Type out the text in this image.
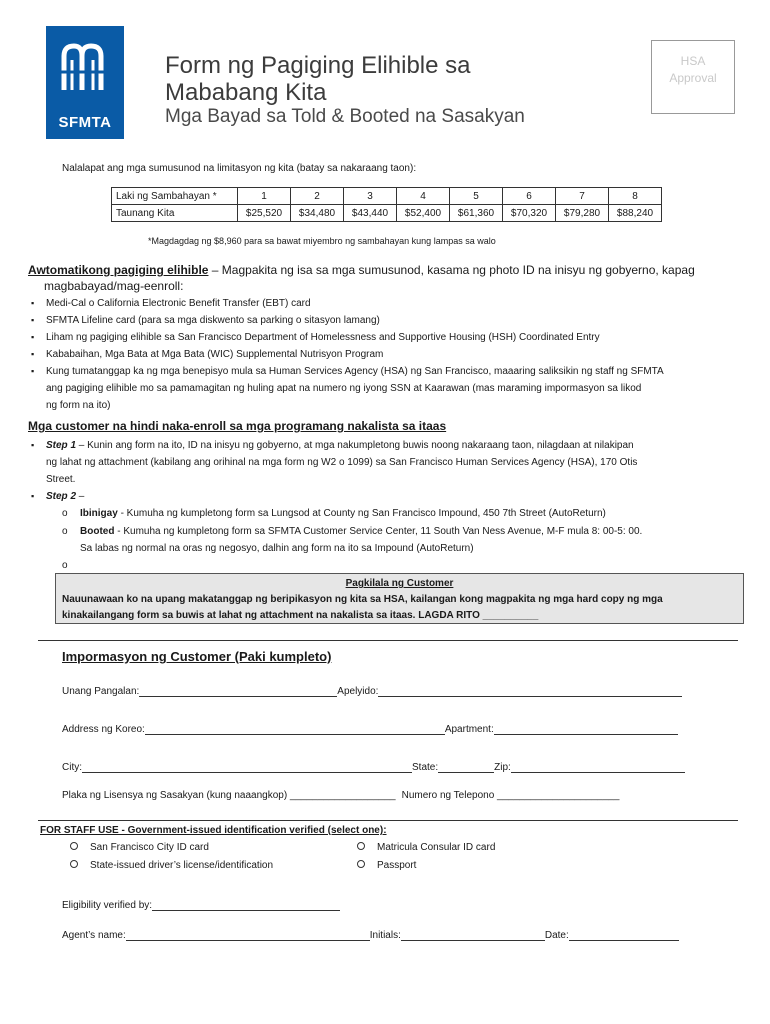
SFMTA
Form ng Pagiging Elihible sa
Mababang Kita
Mga Bayad sa Told & Booted na Sasakyan
HSA
Approval
Nalalapat ang mga sumusunod na limitasyon ng kita (batay sa nakaraang taon):
Laki ng Sambahayan *	1	2	3	4	5	6	7	8
Taunang Kita	$25,520	$34,480	$43,440	$52,400	$61,360	$70,320	$79,280	$88,240
*Magdagdag ng $8,960 para sa bawat miyembro ng sambahayan kung lampas sa walo
Awtomatikong pagiging elihible – Magpakita ng isa sa mga sumusunod, kasama ng photo ID na inisyu ng gobyerno, kapag
magbabayad/mag-eenroll:
▪ Medi-Cal o California Electronic Benefit Transfer (EBT) card
▪ SFMTA Lifeline card (para sa mga diskwento sa parking o sitasyon lamang)
▪ Liham ng pagiging elihible sa San Francisco Department of Homelessness and Supportive Housing (HSH) Coordinated Entry
▪ Kababaihan, Mga Bata at Mga Bata (WIC) Supplemental Nutrisyon Program
▪ Kung tumatanggap ka ng mga benepisyo mula sa Human Services Agency (HSA) ng San Francisco, maaaring saliksikin ng staff ng SFMTA
ang pagiging elihible mo sa pamamagitan ng huling apat na numero ng iyong SSN at Kaarawan (mas maraming impormasyon sa likod
ng form na ito)
Mga customer na hindi naka-enroll sa mga programang nakalista sa itaas
▪ Step 1 – Kunin ang form na ito, ID na inisyu ng gobyerno, at mga nakumpletong buwis noong nakaraang taon, nilagdaan at nilakipan
ng lahat ng attachment (kabilang ang orihinal na mga form ng W2 o 1099) sa San Francisco Human Services Agency (HSA), 170 Otis
Street.
▪ Step 2 –
o	Ibinigay - Kumuha ng kumpletong form sa Lungsod at County ng San Francisco Impound, 450 7th Street (AutoReturn)
o	Booted - Kumuha ng kumpletong form sa SFMTA Customer Service Center, 11 South Van Ness Avenue, M-F mula 8: 00-5: 00.
Sa labas ng normal na oras ng negosyo, dalhin ang form na ito sa Impound (AutoReturn)
o
Pagkilala ng Customer
Nauunawaan ko na upang makatanggap ng beripikasyon ng kita sa HSA, kailangan kong magpakita ng mga hard copy ng mga
kinakailangang form sa buwis at lahat ng attachment na nakalista sa itaas. LAGDA RITO __________
Impormasyon ng Customer (Paki kumpleto)
Unang Pangalan:	Apelyido:
Address ng Koreo:	Apartment:
City:	State:	Zip:
Plaka ng Lisensya ng Sasakyan (kung naaangkop) ___________________ Numero ng Telepono ______________________
FOR STAFF USE - Government-issued identification verified (select one):
San Francisco City ID card
State-issued driver’s license/identification
Matricula Consular ID card
Passport
Eligibility verified by:
Agent’s name:	Initials:	Date:
